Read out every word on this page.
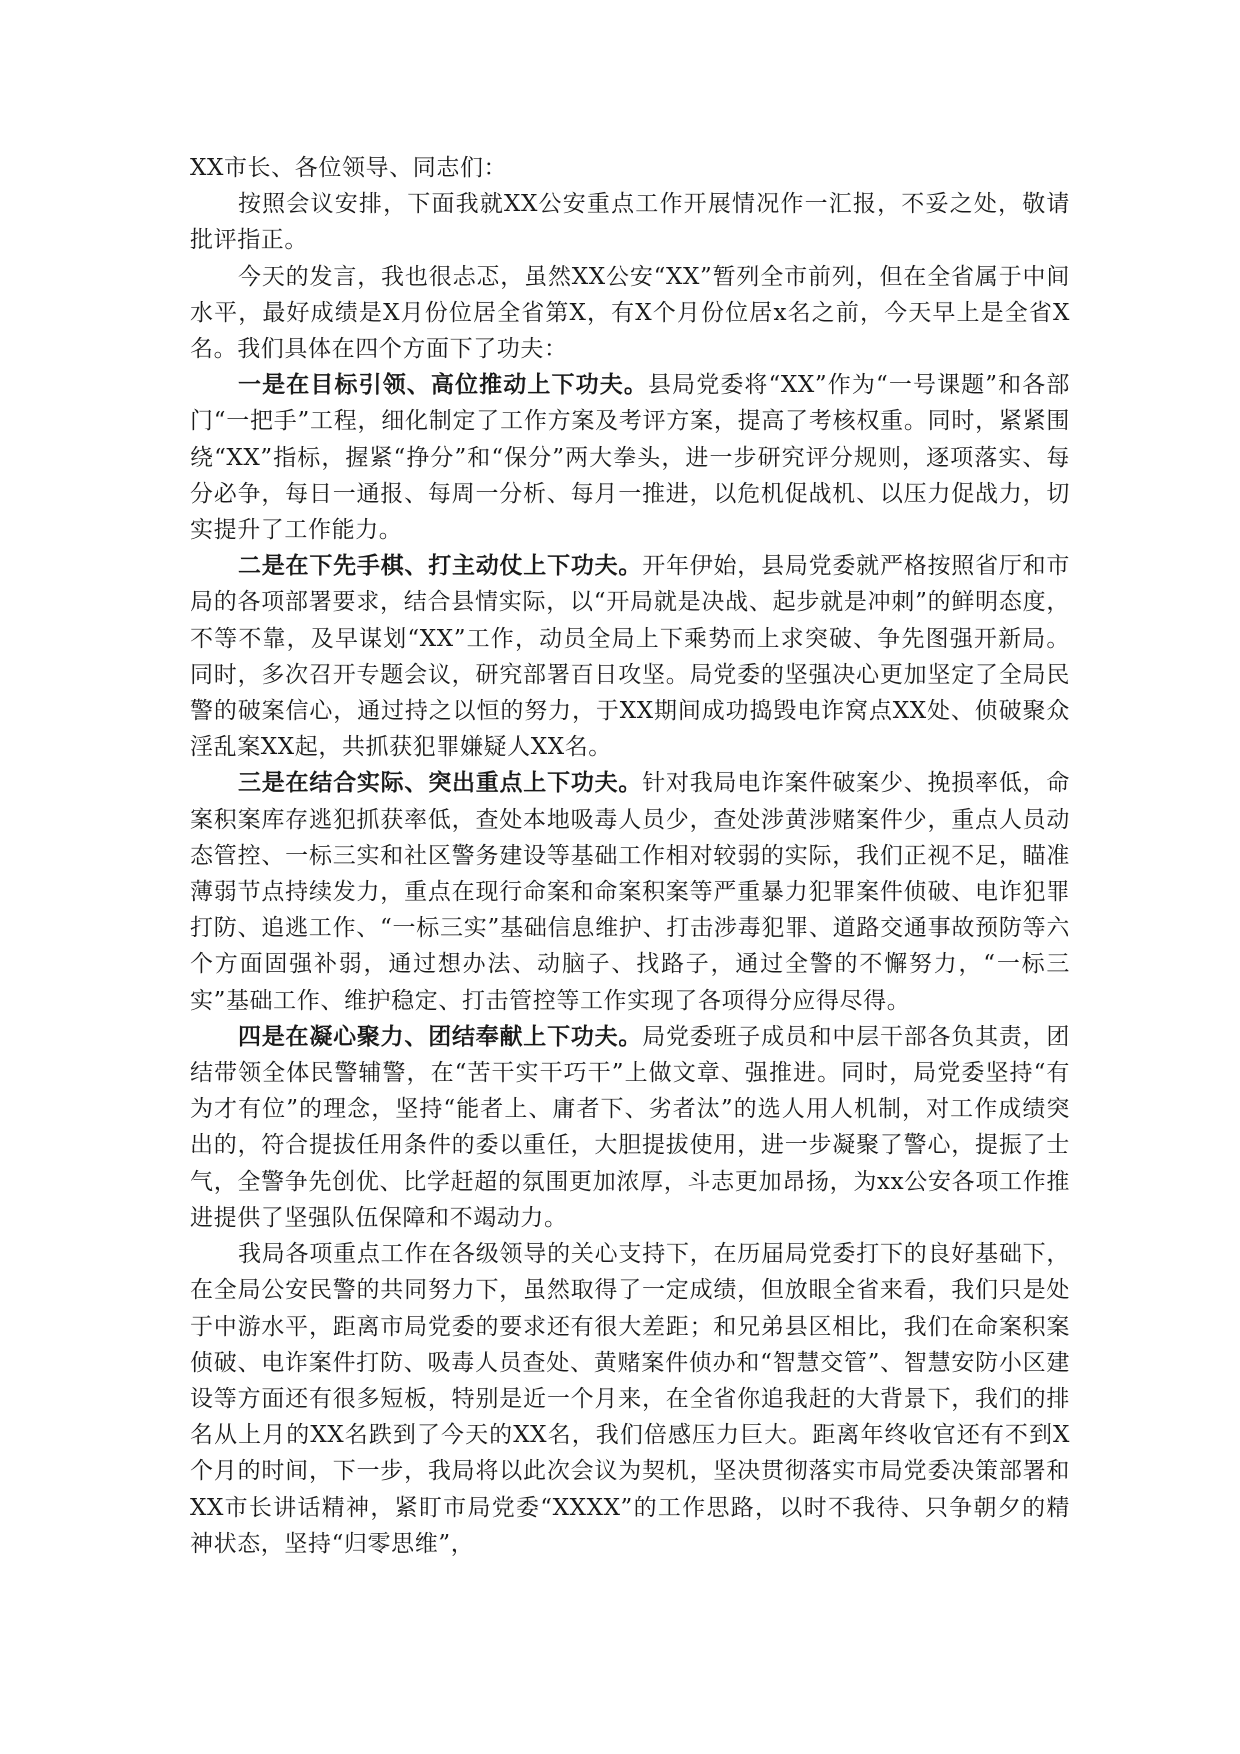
XX市长、各位领导、同志们：

按照会议安排，下面我就XX公安重点工作开展情况作一汇报，不妥之处，敬请批评指正。

今天的发言，我也很忐忑，虽然XX公安“XX”暂列全市前列，但在全省属于中间水平，最好成绩是X月份位居全省第X，有X个月份位居x名之前，今天早上是全省X名。我们具体在四个方面下了功夫：

一是在目标引领、高位推动上下功夫。县局党委将“XX”作为“一号课题”和各部门“一把手”工程，细化制定了工作方案及考评方案，提高了考核权重。同时，紧紧围绕“XX”指标，握紧“挣分”和“保分”两大拳头，进一步研究评分规则，逐项落实、每分必争，每日一通报、每周一分析、每月一推进，以危机促战机、以压力促战力，切实提升了工作能力。

二是在下先手棋、打主动仗上下功夫。开年伊始，县局党委就严格按照省厅和市局的各项部署要求，结合县情实际，以“开局就是决战、起步就是冲刺”的鲜明态度，不等不靠，及早谋划“XX”工作，动员全局上下乘势而上求突破、争先图强开新局。同时，多次召开专题会议，研究部署百日攻坚。局党委的坚强决心更加坚定了全局民警的破案信心，通过持之以恒的努力，于XX期间成功捣毁电诈窝点XX处、侦破聚众淫乱案XX起，共抓获犯罪嫌疑人XX名。

三是在结合实际、突出重点上下功夫。针对我局电诈案件破案少、挽损率低，命案积案库存逃犯抓获率低，查处本地吸毒人员少，查处涉黄涉赌案件少，重点人员动态管控、一标三实和社区警务建设等基础工作相对较弱的实际，我们正视不足，瞄准薄弱节点持续发力，重点在现行命案和命案积案等严重暴力犯罪案件侦破、电诈犯罪打防、追逃工作、“一标三实”基础信息维护、打击涉毒犯罪、道路交通事故预防等六个方面固强补弱，通过想办法、动脑子、找路子，通过全警的不懈努力，“一标三实”基础工作、维护稳定、打击管控等工作实现了各项得分应得尽得。

四是在凝心聚力、团结奉献上下功夫。局党委班子成员和中层干部各负其责，团结带领全体民警辅警，在“苦干实干巧干”上做文章、强推进。同时，局党委坚持“有为才有位”的理念，坚持“能者上、庸者下、劣者汰”的选人用人机制，对工作成绩突出的，符合提拔任用条件的委以重任，大胆提拔使用，进一步凝聚了警心，提振了士气，全警争先创优、比学赶超的氛围更加浓厚，斗志更加昂扬，为xx公安各项工作推进提供了坚强队伍保障和不竭动力。

我局各项重点工作在各级领导的关心支持下，在历届局党委打下的良好基础下，在全局公安民警的共同努力下，虽然取得了一定成绩，但放眼全省来看，我们只是处于中游水平，距离市局党委的要求还有很大差距；和兄弟县区相比，我们在命案积案侦破、电诈案件打防、吸毒人员查处、黄赌案件侦办和“智慧交管”、智慧安防小区建设等方面还有很多短板，特别是近一个月来，在全省你追我赶的大背景下，我们的排名从上月的XX名跌到了今天的XX名，我们倍感压力巨大。距离年终收官还有不到X个月的时间，下一步，我局将以此次会议为契机，坚决贯彻落实市局党委决策部署和XX市长讲话精神，紧盯市局党委“XXXX”的工作思路，以时不我待、只争朝夕的精神状态，坚持“归零思维”，
